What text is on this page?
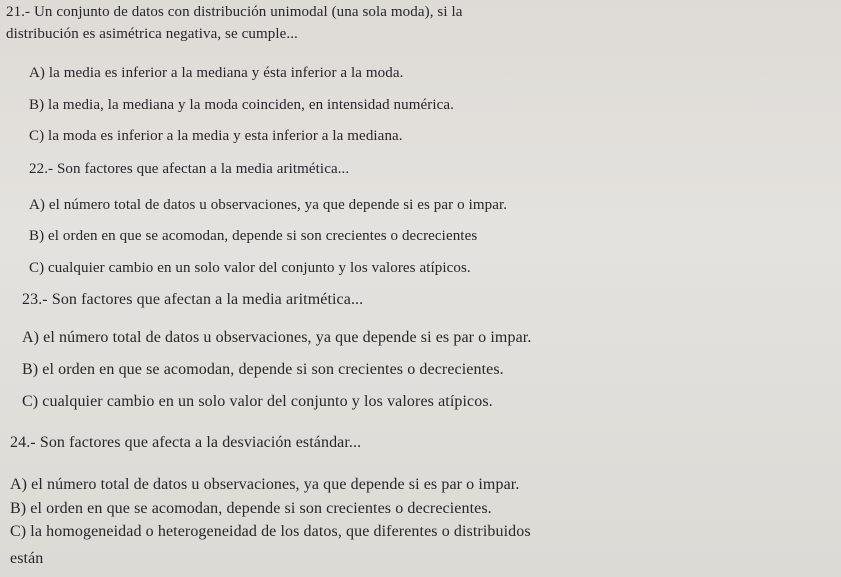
21.- Un conjunto de datos con distribución unimodal (una sola moda), si la
distribución es asimétrica negativa, se cumple...
A) la media es inferior a la mediana y ésta inferior a la moda.
B) la media, la mediana y la moda coinciden, en intensidad numérica.
C) la moda es inferior a la media y esta inferior a la mediana.
22.- Son factores que afectan a la media aritmética...
A) el número total de datos u observaciones, ya que depende si es par o impar.
B) el orden en que se acomodan, depende si son crecientes o decrecientes
C) cualquier cambio en un solo valor del conjunto y los valores atípicos.
23.- Son factores que afectan a la media aritmética...
A) el número total de datos u observaciones, ya que depende si es par o impar.
B) el orden en que se acomodan, depende si son crecientes o decrecientes.
C) cualquier cambio en un solo valor del conjunto y los valores atípicos.
24.- Son factores que afecta a la desviación estándar...
A) el número total de datos u observaciones, ya que depende si es par o impar.
B) el orden en que se acomodan, depende si son crecientes o decrecientes.
C) la homogeneidad o heterogeneidad de los datos, que diferentes o distribuidos
están
